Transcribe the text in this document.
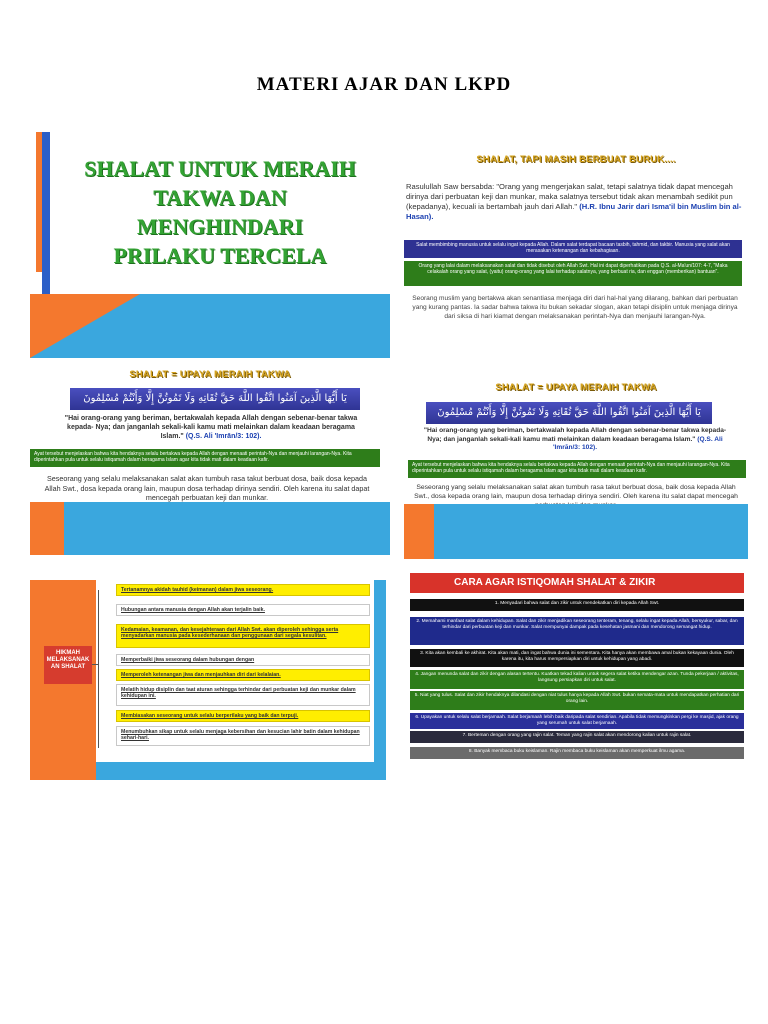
MATERI AJAR DAN LKPD
SHALAT UNTUK MERAIH
TAKWA DAN MENGHINDARI
PRILAKU TERCELA
SHALAT, TAPI MASIH BERBUAT BURUK....
Rasulullah Saw bersabda: "Orang yang mengerjakan salat, tetapi salatnya tidak dapat mencegah dirinya dari perbuatan keji dan munkar, maka salatnya tersebut tidak akan menambah sedikit pun (kepadanya), kecuali ia bertambah jauh dari Allah." (H.R. Ibnu Jarir dari Isma'il bin Muslim bin al-Hasan).
Salat membimbing manusia untuk selalu ingat kepada Allah. Dalam salat terdapat bacaan tasbih, tahmid, dan takbir. Manusia yang salat akan merasakan ketenangan dan kebahagiaan.
Orang yang lalai dalam melaksanakan salat dan tidak disebut oleh Allah Swt. Hal ini dapat diperhatikan pada Q.S. al-Ma'un/107: 4-7, "Maka celakalah orang yang salat, (yaitu) orang-orang yang lalai terhadap salatnya, yang berbuat ria, dan enggan (memberikan) bantuan".
Seorang muslim yang bertakwa akan senantiasa menjaga diri dari hal-hal yang dilarang, bahkan dari perbuatan yang kurang pantas. Ia sadar bahwa takwa itu bukan sekadar slogan, akan tetapi disiplin untuk menjaga dirinya dari siksa di hari kiamat dengan melaksanakan perintah-Nya dan menjauhi larangan-Nya.
SHALAT = UPAYA MERAIH TAKWA
يَا أَيُّهَا الَّذِينَ آمَنُوا اتَّقُوا اللَّهَ حَقَّ تُقَاتِهِ وَلَا تَمُوتُنَّ إِلَّا وَأَنْتُمْ مُسْلِمُونَ
"Hai orang-orang yang beriman, bertakwalah kepada Allah dengan sebenar-benar takwa kepada- Nya; dan janganlah sekali-kali kamu mati melainkan dalam keadaan beragama Islam." (Q.S. Ali 'Imrān/3: 102).
Ayat tersebut menjelaskan bahwa kita hendaknya selalu bertakwa kepada Allah dengan menaati perintah-Nya dan menjauhi larangan-Nya. Kita diperintahkan pula untuk selalu istiqamah dalam beragama Islam agar kita tidak mati dalam keadaan kafir.
Seseorang yang selalu melaksanakan salat akan tumbuh rasa takut berbuat dosa, baik dosa kepada Allah Swt., dosa kepada orang lain, maupun dosa terhadap dirinya sendiri. Oleh karena itu salat dapat mencegah perbuatan keji dan munkar.
SHALAT = UPAYA MERAIH TAKWA
يَا أَيُّهَا الَّذِينَ آمَنُوا اتَّقُوا اللَّهَ حَقَّ تُقَاتِهِ وَلَا تَمُوتُنَّ إِلَّا وَأَنْتُمْ مُسْلِمُونَ
"Hai orang-orang yang beriman, bertakwalah kepada Allah dengan sebenar-benar takwa kepada- Nya; dan janganlah sekali-kali kamu mati melainkan dalam keadaan beragama Islam." (Q.S. Ali 'Imrān/3: 102).
Ayat tersebut menjelaskan bahwa kita hendaknya selalu bertakwa kepada Allah dengan menaati perintah-Nya dan menjauhi larangan-Nya. Kita diperintahkan pula untuk selalu istiqamah dalam beragama Islam agar kita tidak mati dalam keadaan kafir.
Seseorang yang selalu melaksanakan salat akan tumbuh rasa takut berbuat dosa, baik dosa kepada Allah Swt., dosa kepada orang lain, maupun dosa terhadap dirinya sendiri. Oleh karena itu salat dapat mencegah
HIKMAH MELAKSANAK AN SHALAT
Tertanamnya akidah tauhid (keimanan) dalam jiwa seseorang.
Hubungan antara manusia dengan Allah akan terjalin baik.
Kedamaian, keamanan, dan kesejahteraan dari Allah Swt. akan diperoleh sehingga serta menyadarkan manusia pada kesederhanaan dan penggunaan dari segala kesulitan.
Memperbaiki jiwa seseorang dalam hubungan dengan
Memperoleh ketenangan jiwa dan menjauhkan diri dari kelalaian.
Melatih hidup disiplin dan taat aturan sehingga terhindar dari perbuatan keji dan munkar dalam kehidupan ini.
Membiasakan seseorang untuk selalu berperilaku yang baik dan terpuji.
Menumbuhkan sikap untuk selalu menjaga kebersihan dan kesucian lahir batin dalam kehidupan sehari-hari.
CARA AGAR ISTIQOMAH SHALAT & ZIKIR
1. Menyadari bahwa salat dan zikir untuk mendekatkan diri kepada Allah Swt.
2. Memahami manfaat salat dalam kehidupan. Salat dan zikir menjadikan seseorang tenteram, tenang, selalu ingat kepada Allah, bersyukur, sabar, dan terhindar dari perbuatan keji dan munkar. Salat mempunyai dampak pada kesehatan jasmani dan mendorong semangat hidup.
3. Kita akan kembali ke akhirat. Kita akan mati, dan ingat bahwa dunia ini sementara. Kita hanya akan membawa amal bukan kekayaan dunia. Oleh karena itu, kita harus mempersiapkan diri untuk kehidupan yang abadi.
4. Jangan menunda salat dan zikir dengan alasan tertentu. Kuatkan tekad kalian untuk segera salat ketika mendengar azan. Tunda pekerjaan / aktivitas, langsung persiapkan diri untuk salat.
5. Niat yang tulus. Salat dan zikir hendaknya dilandasi dengan niat tulus hanya kepada Allah Swt. bukan semata-mata untuk mendapatkan perhatian dari orang lain.
6. Upayakan untuk selalu salat berjamaah. Salat berjamaah lebih baik daripada salat sendirian. Apabila tidak memungkinkan pergi ke masjid, ajak orang yang serumah untuk salat berjamaah.
7. Berteman dengan orang yang rajin salat. Teman yang rajin salat akan mendorong kalian untuk rajin salat.
8. Banyak membaca buku keislaman. Rajin membaca buku keislaman akan memperkuat ilmu agama.
